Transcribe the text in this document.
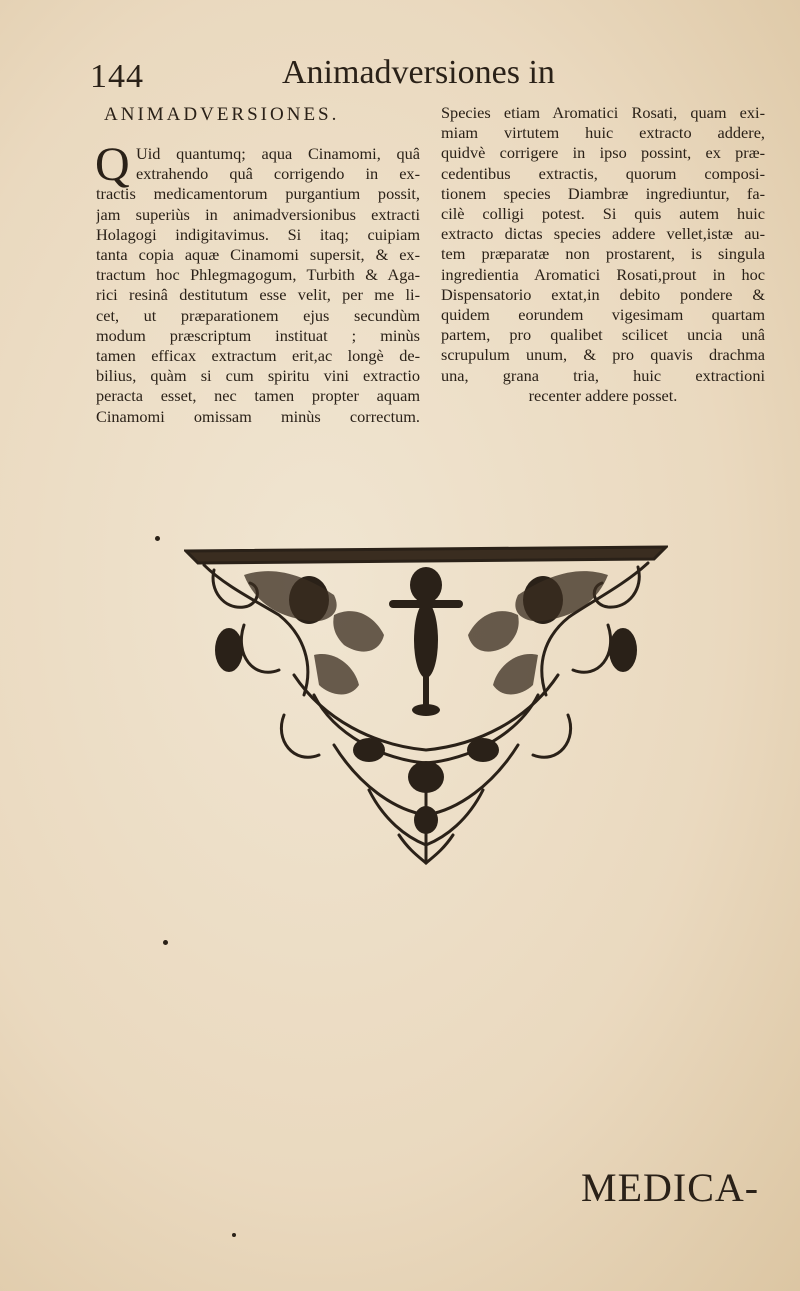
144	Animadversiones in
ANIMADVERSIONES.
Q Uid quantumq; aqua Cinamomi, quâ
extrahendo quâ corrigendo in ex-
tractis medicamentorum purgantium possit,
jam superiùs in animadversionibus extracti
Holagogi indigitavimus. Si itaq; cuipiam
tanta copia aquæ Cinamomi supersit, & ex-
tractum hoc Phlegmagogum, Turbith & Aga-
rici resinâ destitutum esse velit, per me li-
cet, ut præparationem ejus secundùm
modum præscriptum instituat ; minùs
tamen efficax extractum erit,ac longè de-
bilius, quàm si cum spiritu vini extractio
peracta esset, nec tamen propter aquam
Cinamomi omissam minùs correctum.
Species etiam Aromatici Rosati, quam exi-
miam virtutem huic extracto addere,
quidvè corrigere in ipso possint, ex præ-
cedentibus extractis, quorum composi-
tionem species Diambræ ingrediuntur, fa-
cilè colligi potest. Si quis autem huic
extracto dictas species addere vellet,istæ au-
tem præparatæ non prostarent, is singula
ingredientia Aromatici Rosati,prout in hoc
Dispensatorio extat,in debito pondere &
quidem eorundem vigesimam quartam
partem, pro qualibet scilicet uncia unâ
scrupulum unum, & pro quavis drachma
una, grana tria, huic extractioni
recenter addere posset.
MEDICA-
